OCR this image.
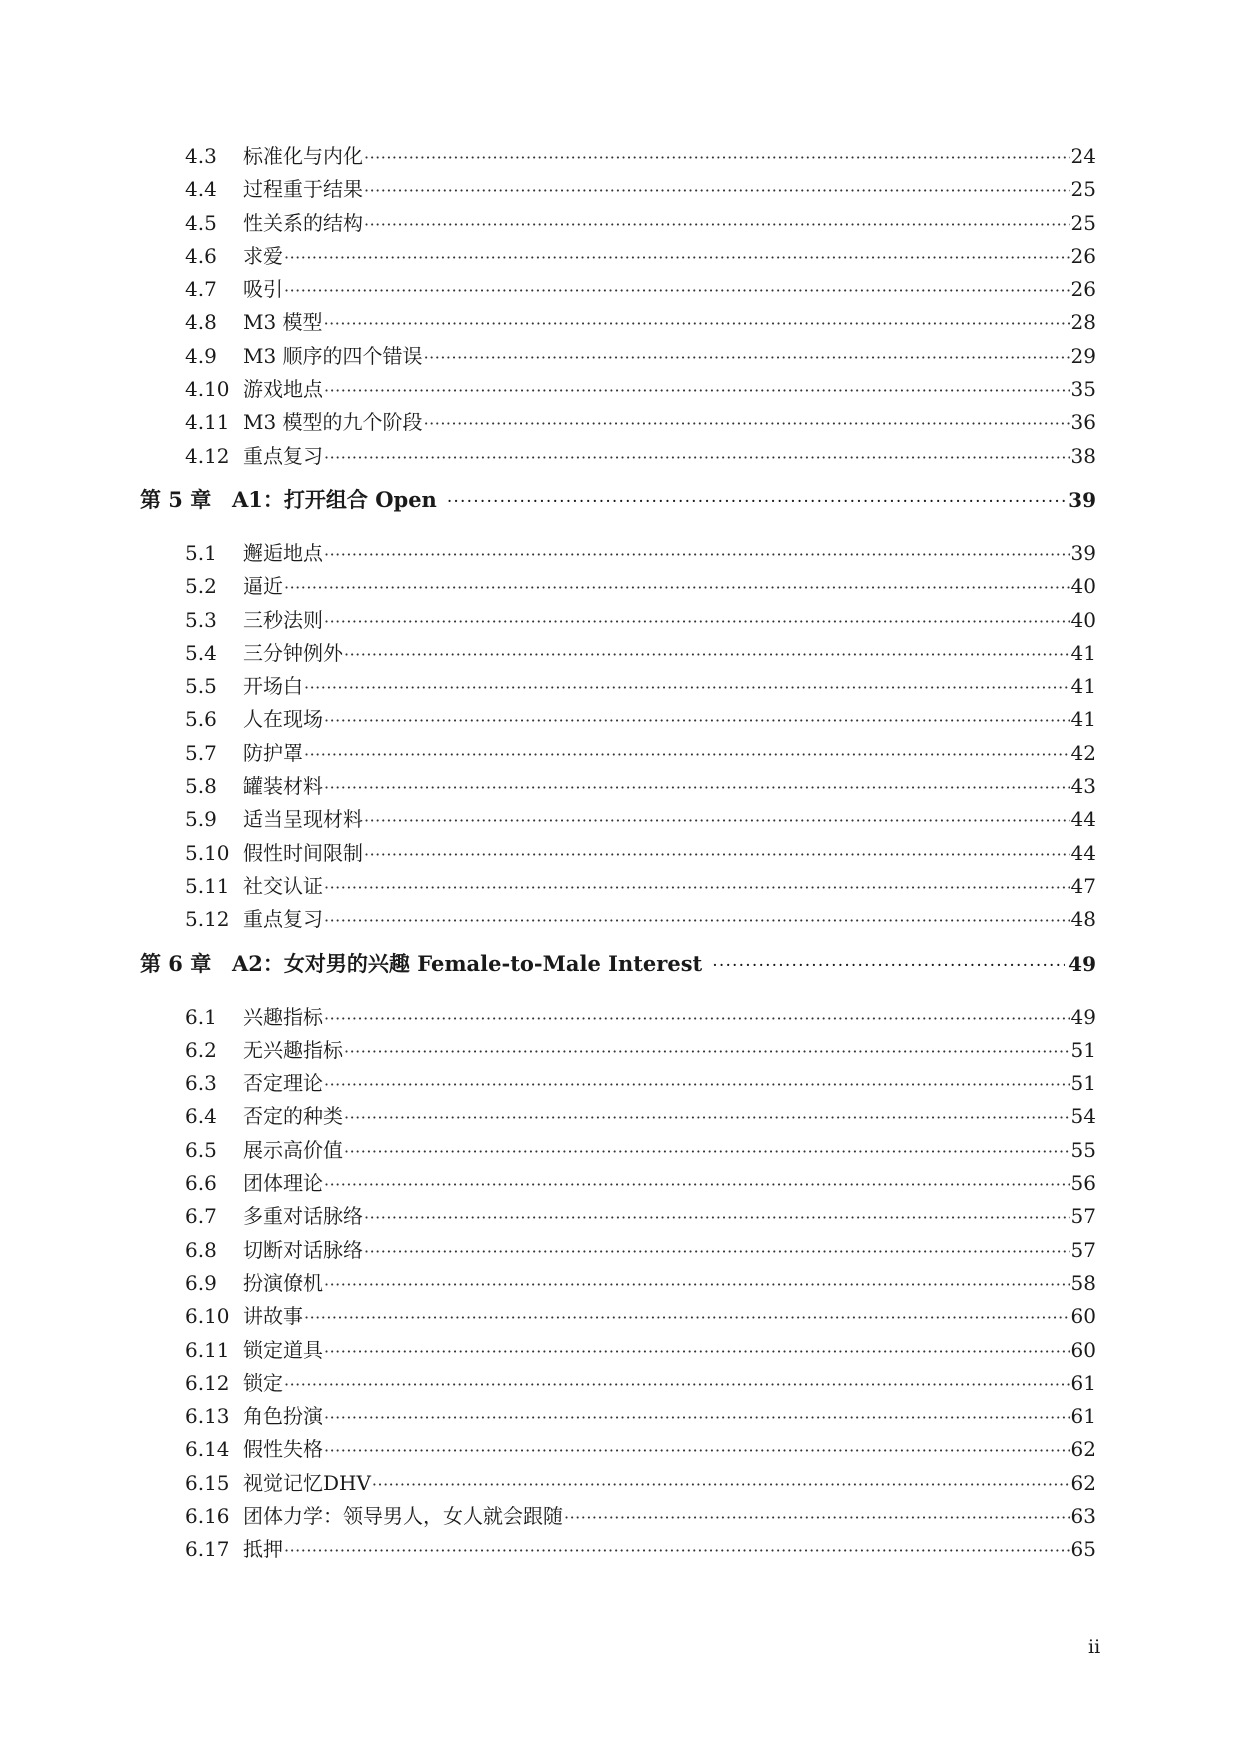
4.3	标准化与内化 ·····	24
4.4	过程重于结果 ·····	25
4.5	性关系的结构 ·····	25
4.6	求爱 ·····	26
4.7	吸引 ·····	26
4.8	M3 模型 ·····	28
4.9	M3 顺序的四个错误 ·····	29
4.10 游戏地点 ·····	35
4.11 M3 模型的九个阶段 ·····	36
4.12 重点复习 ·····	38
第 5 章 A1：打开组合 Open ·····	39
5.1	邂逅地点 ·····	39
5.2	逼近 ·····	40
5.3	三秒法则 ·····	40
5.4	三分钟例外 ·····	41
5.5	开场白 ·····	41
5.6	人在现场 ·····	41
5.7	防护罩 ·····	42
5.8	罐装材料 ·····	43
5.9	适当呈现材料 ·····	44
5.10 假性时间限制 ·····	44
5.11 社交认证 ·····	47
5.12 重点复习 ·····	48
第 6 章 A2：女对男的兴趣 Female-to-Male Interest ·····	49
6.1	兴趣指标 ·····	49
6.2	无兴趣指标 ·····	51
6.3	否定理论 ·····	51
6.4	否定的种类 ·····	54
6.5	展示高价值 ·····	55
6.6	团体理论 ·····	56
6.7	多重对话脉络 ·····	57
6.8	切断对话脉络 ·····	57
6.9	扮演僚机 ·····	58
6.10 讲故事 ·····	60
6.11 锁定道具 ·····	60
6.12 锁定 ·····	61
6.13 角色扮演 ·····	61
6.14 假性失格 ·····	62
6.15 视觉记忆DHV ·····	62
6.16 团体力学：领导男人，女人就会跟随 ·····	63
6.17 抵押 ·····	65
ii
